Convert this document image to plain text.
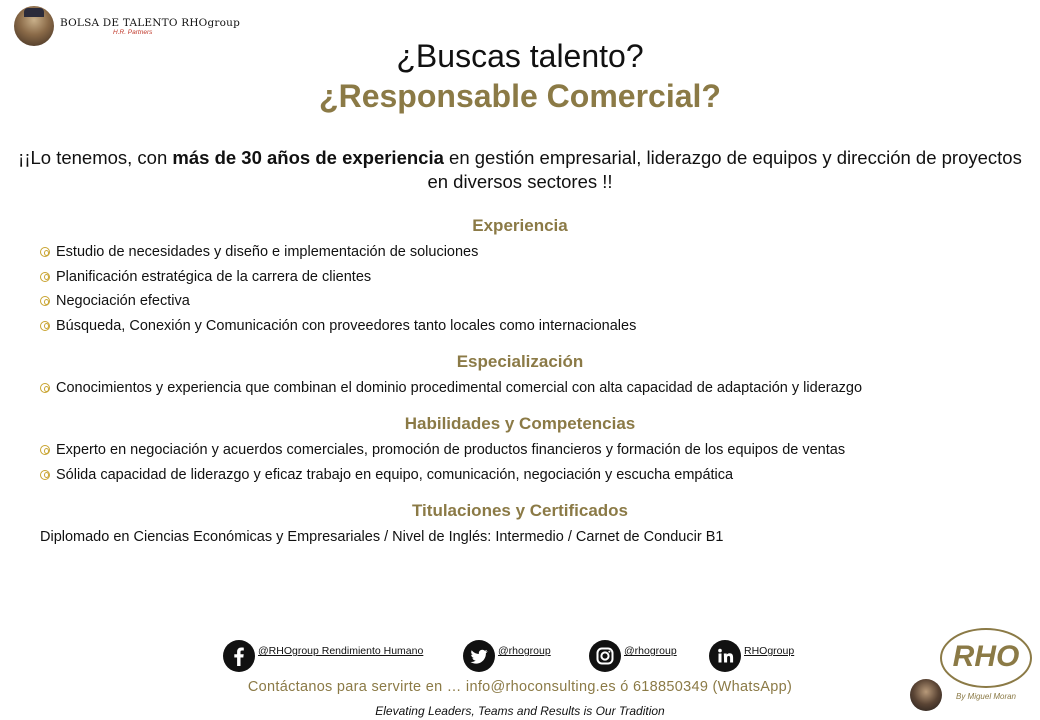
BOLSA DE TALENTO RHOgroup
H.R. Partners
¿Buscas talento?
¿Responsable Comercial?
¡¡Lo tenemos, con más de 30 años de experiencia en gestión empresarial, liderazgo de equipos y dirección de proyectos en diversos sectores !!
Experiencia
Estudio de necesidades y diseño e implementación de soluciones
Planificación estratégica de la carrera de clientes
Negociación efectiva
Búsqueda, Conexión y Comunicación con proveedores tanto locales como internacionales
Especialización
Conocimientos y experiencia que combinan el dominio procedimental comercial con alta capacidad de adaptación y liderazgo
Habilidades y Competencias
Experto en negociación y acuerdos comerciales, promoción de productos financieros y formación de los equipos de ventas
Sólida capacidad de liderazgo y eficaz trabajo en equipo, comunicación, negociación y escucha empática
Titulaciones y Certificados
Diplomado en Ciencias Económicas y Empresariales / Nivel de Inglés: Intermedio / Carnet de Conducir B1
@RHOgroup Rendimiento Humano	@rhogroup	@rhogroup	RHOgroup
Contáctanos para servirte en … info@rhoconsulting.es ó 618850349 (WhatsApp)
Elevating Leaders, Teams and Results is Our Tradition
RHO
By Miguel Moran
